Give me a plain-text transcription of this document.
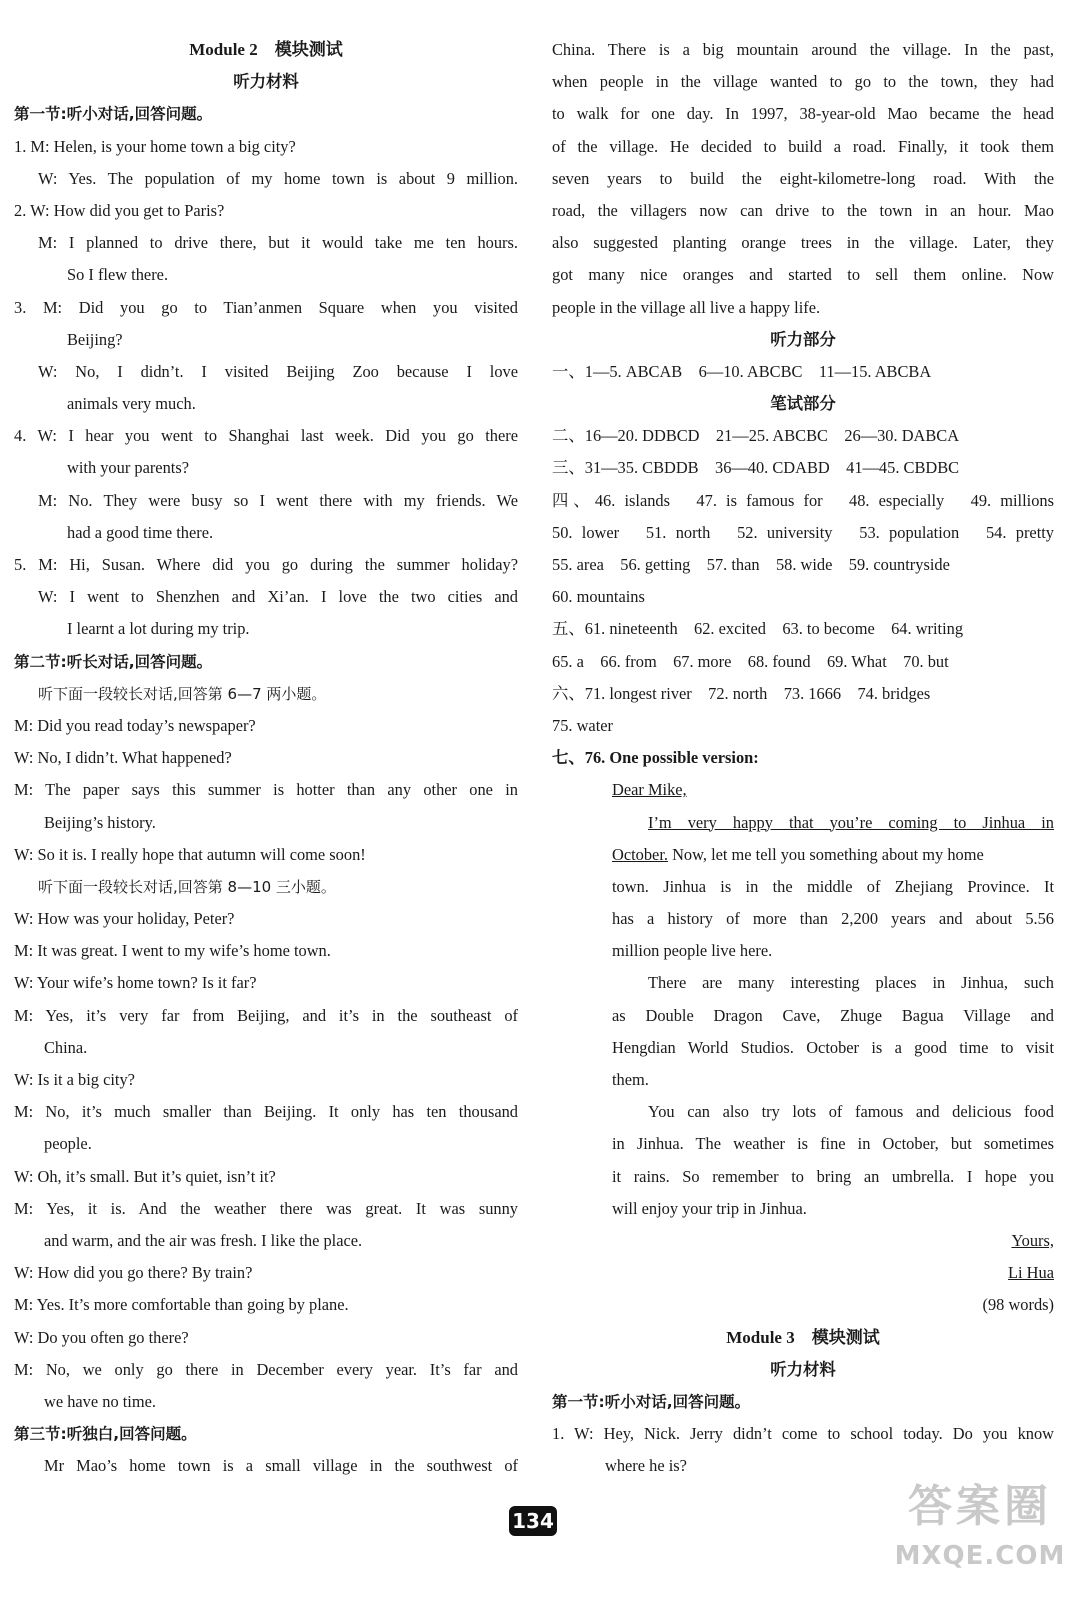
Module 2　模块测试
听力材料
第一节:听小对话,回答问题。
1. M: Helen, is your home town a big city?
W: Yes. The population of my home town is about 9 million.
2. W: How did you get to Paris?
M: I planned to drive there, but it would take me ten hours.
So I flew there.
3. M: Did you go to Tian’anmen Square when you visited
Beijing?
W: No, I didn’t. I visited Beijing Zoo because I love
animals very much.
4. W: I hear you went to Shanghai last week. Did you go there
with your parents?
M: No. They were busy so I went there with my friends. We
had a good time there.
5. M: Hi, Susan. Where did you go during the summer holiday?
W: I went to Shenzhen and Xi’an. I love the two cities and
I learnt a lot during my trip.
第二节:听长对话,回答问题。
听下面一段较长对话,回答第 6—7 两小题。
M: Did you read today’s newspaper?
W: No, I didn’t. What happened?
M: The paper says this summer is hotter than any other one in
Beijing’s history.
W: So it is. I really hope that autumn will come soon!
听下面一段较长对话,回答第 8—10 三小题。
W: How was your holiday, Peter?
M: It was great. I went to my wife’s home town.
W: Your wife’s home town? Is it far?
M: Yes, it’s very far from Beijing, and it’s in the southeast of
China.
W: Is it a big city?
M: No, it’s much smaller than Beijing. It only has ten thousand
people.
W: Oh, it’s small. But it’s quiet, isn’t it?
M: Yes, it is. And the weather there was great. It was sunny
and warm, and the air was fresh. I like the place.
W: How did you go there? By train?
M: Yes. It’s more comfortable than going by plane.
W: Do you often go there?
M: No, we only go there in December every year. It’s far and
we have no time.
第三节:听独白,回答问题。
Mr Mao’s home town is a small village in the southwest of
China. There is a big mountain around the village. In the past,
when people in the village wanted to go to the town, they had
to walk for one day. In 1997, 38-year-old Mao became the head
of the village. He decided to build a road. Finally, it took them
seven years to build the eight-kilometre-long road. With the
road, the villagers now can drive to the town in an hour. Mao
also suggested planting orange trees in the village. Later, they
got many nice oranges and started to sell them online. Now
people in the village all live a happy life.
听力部分
一、1—5. ABCAB　6—10. ABCBC　11—15. ABCBA
笔试部分
二、16—20. DDBCD　21—25. ABCBC　26—30. DABCA
三、31—35. CBDDB　36—40. CDABD　41—45. CBDBC
四、46. islands　47. is famous for　48. especially　49. millions
50. lower　51. north　52. university　53. population　54. pretty
55. area　56. getting　57. than　58. wide　59. countryside
60. mountains
五、61. nineteenth　62. excited　63. to become　64. writing
65. a　66. from　67. more　68. found　69. What　70. but
六、71. longest river　72. north　73. 1666　74. bridges
75. water
七、76. One possible version:
Dear Mike,
I’m very happy that you’re coming to Jinhua in
October. Now, let me tell you something about my home
town. Jinhua is in the middle of Zhejiang Province. It
has a history of more than 2,200 years and about 5.56
million people live here.
There are many interesting places in Jinhua, such
as Double Dragon Cave, Zhuge Bagua Village and
Hengdian World Studios. October is a good time to visit
them.
You can also try lots of famous and delicious food
in Jinhua. The weather is fine in October, but sometimes
it rains. So remember to bring an umbrella. I hope you
will enjoy your trip in Jinhua.
Yours,
Li Hua
(98 words)
Module 3　模块测试
听力材料
第一节:听小对话,回答问题。
1. W: Hey, Nick. Jerry didn’t come to school today. Do you know
where he is?
134	答案圈
MXQE.COM
